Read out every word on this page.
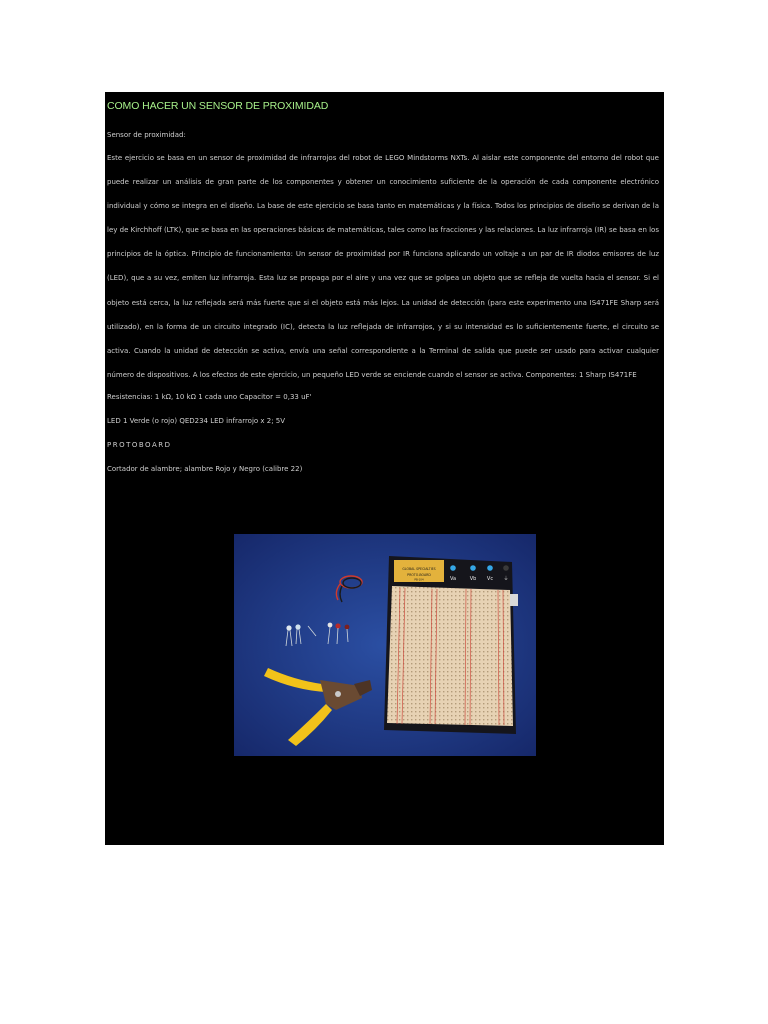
COMO HACER UN SENSOR DE PROXIMIDAD

Sensor de proximidad:

Este ejercicio se basa en un sensor de proximidad de infrarrojos del robot de LEGO Mindstorms NXTs. Al aislar este componente del entorno del robot que puede realizar un análisis de gran parte de los componentes y obtener un conocimiento suficiente de la operación de cada componente electrónico individual y cómo se integra en el diseño. La base de este ejercicio se basa tanto en matemáticas y la física. Todos los principios de diseño se derivan de la ley de Kirchhoff (LTK), que se basa en las operaciones básicas de matemáticas, tales como las fracciones y las relaciones. La luz infrarroja (IR) se basa en los principios de la óptica. Principio de funcionamiento: Un sensor de proximidad por IR funciona aplicando un voltaje a un par de IR diodos emisores de luz (LED), que a su vez, emiten luz infrarroja. Esta luz se propaga por el aire y una vez que se golpea un objeto que se refleja de vuelta hacia el sensor. Si el objeto está cerca, la luz reflejada será más fuerte que si el objeto está más lejos. La unidad de detección (para este experimento una IS471FE Sharp será utilizado), en la forma de un circuito integrado (IC), detecta la luz reflejada de infrarrojos, y si su intensidad es lo suficientemente fuerte, el circuito se activa. Cuando la unidad de detección se activa, envía una señal correspondiente a la Terminal de salida que puede ser usado para activar cualquier número de dispositivos. A los efectos de este ejercicio, un pequeño LED verde se enciende cuando el sensor se activa. Componentes: 1 Sharp IS471FE

Resistencias: 1 kΩ, 10 kΩ 1 cada uno Capacitor = 0,33 uF'

LED 1 Verde (o rojo) QED234 LED infrarrojo x 2; 5V

PROTOBOARD

Cortador de alambre; alambre Rojo y Negro (calibre 22)

GLOBAL SPECIALTIES
PROTO-BOARD
PB-104	Va	Vb Vc ⏚
